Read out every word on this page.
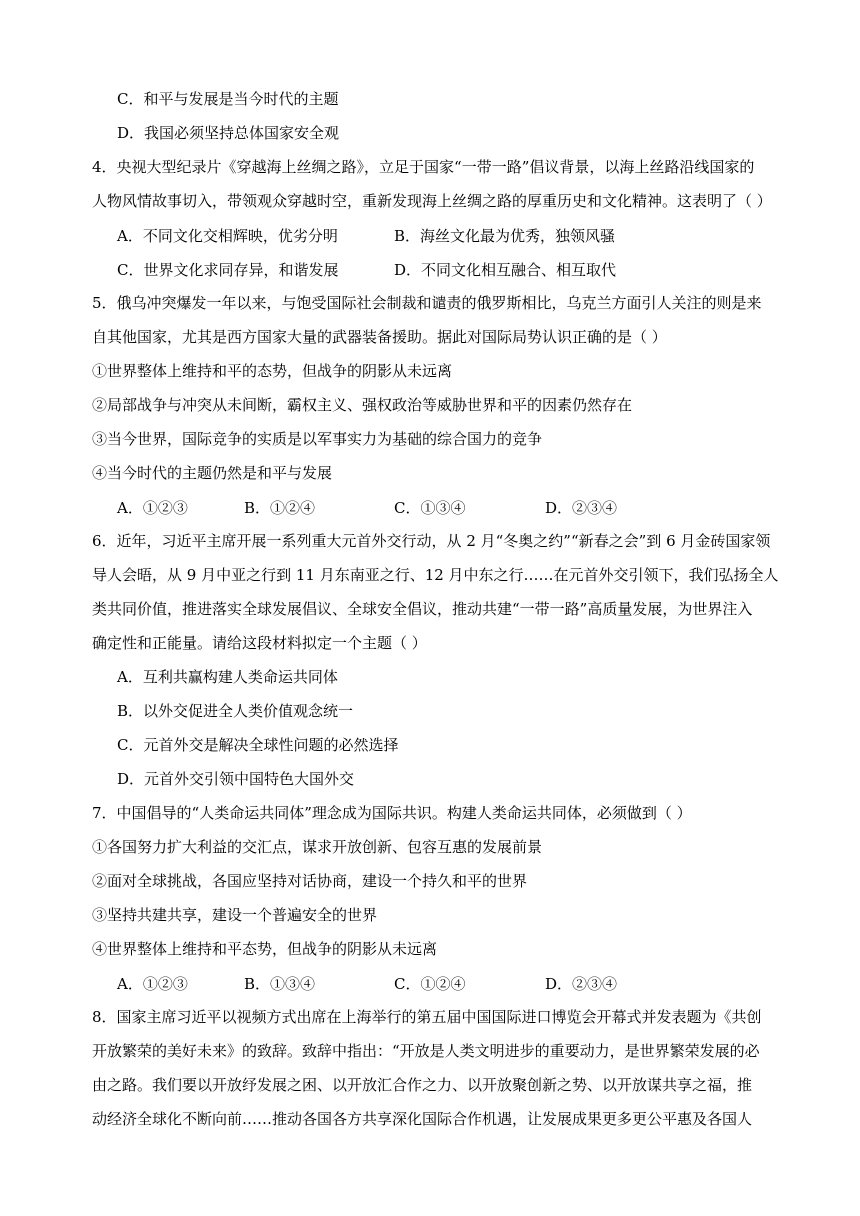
C．和平与发展是当今时代的主题
D．我国必须坚持总体国家安全观
4．央视大型纪录片《穿越海上丝绸之路》，立足于国家“一带一路”倡议背景，以海上丝路沿线国家的
人物风情故事切入，带领观众穿越时空，重新发现海上丝绸之路的厚重历史和文化精神。这表明了（ ）
A．不同文化交相辉映，优劣分明	B．海丝文化最为优秀，独领风骚
C．世界文化求同存异，和谐发展	D．不同文化相互融合、相互取代
5．俄乌冲突爆发一年以来，与饱受国际社会制裁和谴责的俄罗斯相比，乌克兰方面引人关注的则是来
自其他国家，尤其是西方国家大量的武器装备援助。据此对国际局势认识正确的是（ ）
①世界整体上维持和平的态势，但战争的阴影从未远离
②局部战争与冲突从未间断，霸权主义、强权政治等威胁世界和平的因素仍然存在
③当今世界，国际竞争的实质是以军事实力为基础的综合国力的竞争
④当今时代的主题仍然是和平与发展
A．①②③	B．①②④	C．①③④	D．②③④
6．近年，习近平主席开展一系列重大元首外交行动，从 2 月“冬奥之约”“新春之会”到 6 月金砖国家领
导人会晤，从 9 月中亚之行到 11 月东南亚之行、12 月中东之行……在元首外交引领下，我们弘扬全人
类共同价值，推进落实全球发展倡议、全球安全倡议，推动共建“一带一路”高质量发展，为世界注入
确定性和正能量。请给这段材料拟定一个主题（ ）
A．互利共赢构建人类命运共同体
B．以外交促进全人类价值观念统一
C．元首外交是解决全球性问题的必然选择
D．元首外交引领中国特色大国外交
7．中国倡导的“人类命运共同体”理念成为国际共识。构建人类命运共同体，必须做到（ ）
①各国努力扩大利益的交汇点，谋求开放创新、包容互惠的发展前景
②面对全球挑战，各国应坚持对话协商，建设一个持久和平的世界
③坚持共建共享，建设一个普遍安全的世界
④世界整体上维持和平态势，但战争的阴影从未远离
A．①②③	B．①③④	C．①②④	D．②③④
8．国家主席习近平以视频方式出席在上海举行的第五届中国国际进口博览会开幕式并发表题为《共创
开放繁荣的美好未来》的致辞。致辞中指出：“开放是人类文明进步的重要动力，是世界繁荣发展的必
由之路。我们要以开放纾发展之困、以开放汇合作之力、以开放聚创新之势、以开放谋共享之福，推
动经济全球化不断向前……推动各国各方共享深化国际合作机遇，让发展成果更多更公平惠及各国人
